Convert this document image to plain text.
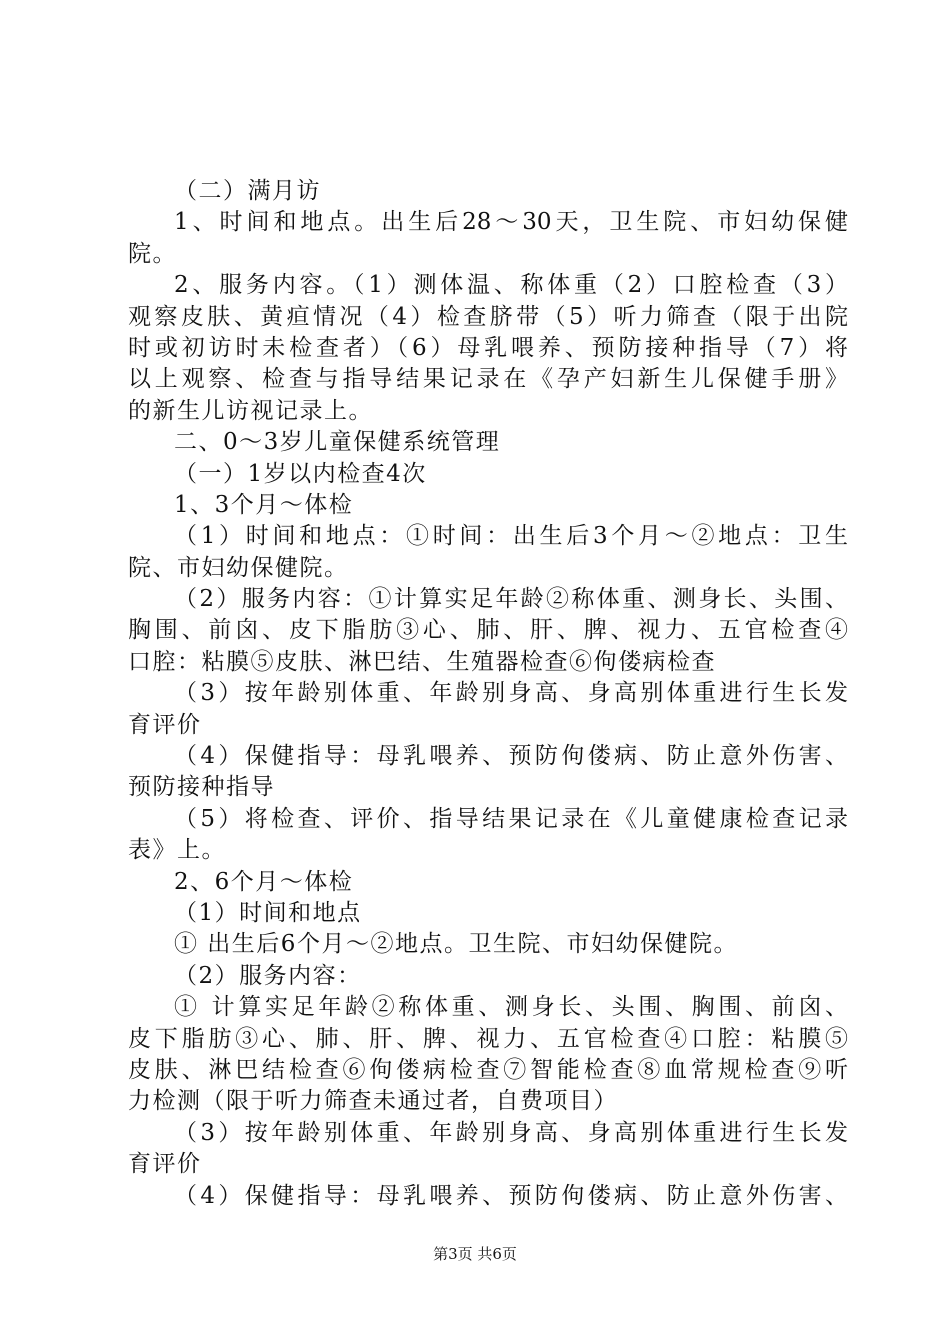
（二）满月访
1、时间和地点。出生后28～30天，卫生院、市妇幼保健
院。
2、服务内容。（1）测体温、称体重（2）口腔检查（3）
观察皮肤、黄疸情况（4）检查脐带（5）听力筛查（限于出院
时或初访时未检查者）（6）母乳喂养、预防接种指导（7）将
以上观察、检查与指导结果记录在《孕产妇新生儿保健手册》
的新生儿访视记录上。
二、0～3岁儿童保健系统管理
（一）1岁以内检查4次
1、3个月～体检
（1）时间和地点：①时间：出生后3个月～②地点：卫生
院、市妇幼保健院。
（2）服务内容：①计算实足年龄②称体重、测身长、头围、
胸围、前囟、皮下脂肪③心、肺、肝、脾、视力、五官检查④
口腔：粘膜⑤皮肤、淋巴结、生殖器检查⑥佝偻病检查
（3）按年龄别体重、年龄别身高、身高别体重进行生长发
育评价
（4）保健指导：母乳喂养、预防佝偻病、防止意外伤害、
预防接种指导
（5）将检查、评价、指导结果记录在《儿童健康检查记录
表》上。
2、6个月～体检
（1）时间和地点
① 出生后6个月～②地点。卫生院、市妇幼保健院。
（2）服务内容：
① 计算实足年龄②称体重、测身长、头围、胸围、前囟、
皮下脂肪③心、肺、肝、脾、视力、五官检查④口腔：粘膜⑤
皮肤、淋巴结检查⑥佝偻病检查⑦智能检查⑧血常规检查⑨听
力检测（限于听力筛查未通过者，自费项目）
（3）按年龄别体重、年龄别身高、身高别体重进行生长发
育评价
（4）保健指导：母乳喂养、预防佝偻病、防止意外伤害、
第3页 共6页
